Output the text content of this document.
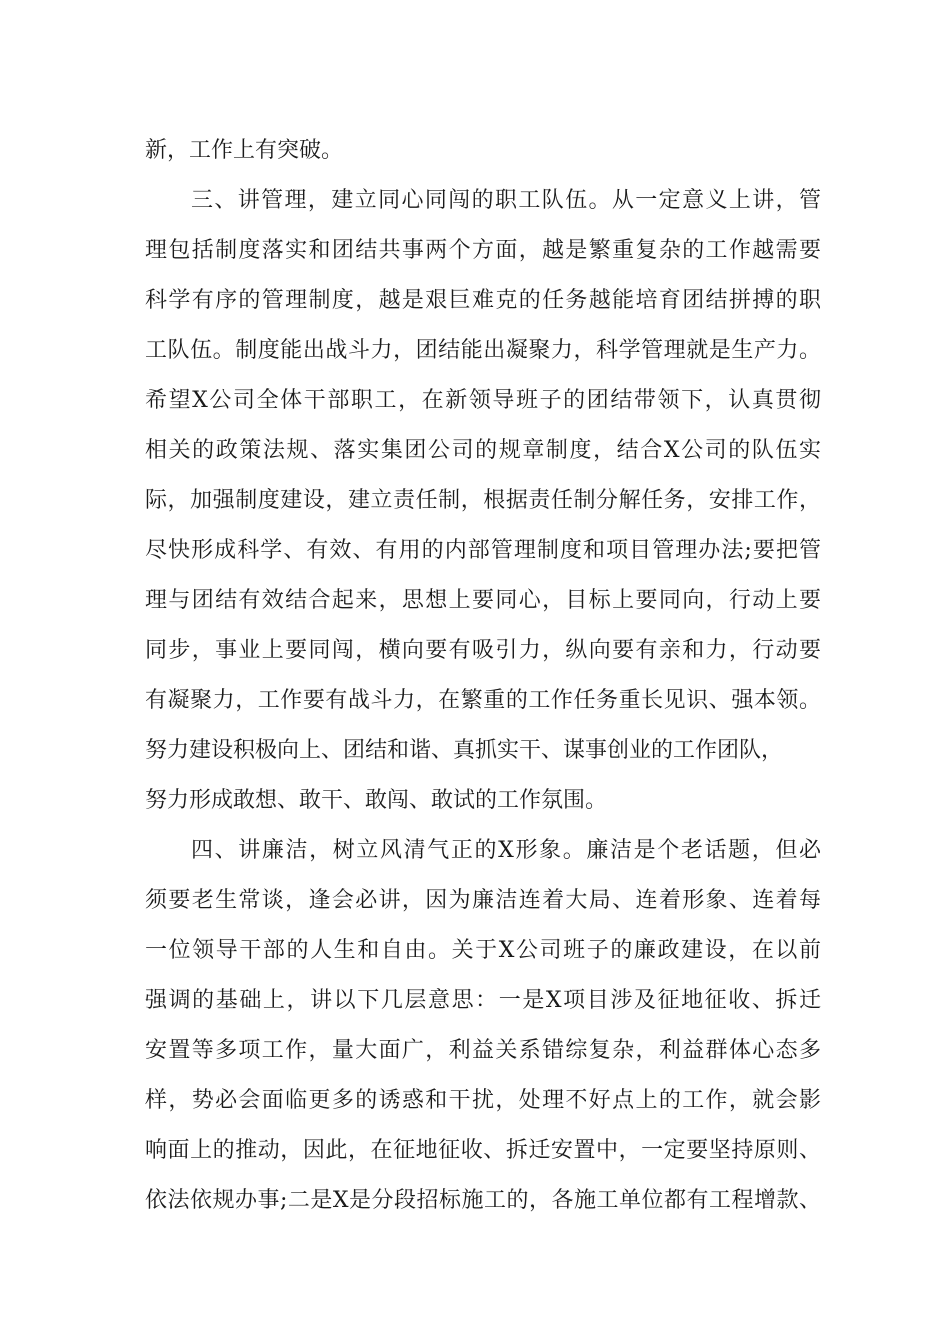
新，工作上有突破。
三、讲管理，建立同心同闯的职工队伍。从一定意义上讲，管
理包括制度落实和团结共事两个方面，越是繁重复杂的工作越需要
科学有序的管理制度，越是艰巨难克的任务越能培育团结拼搏的职
工队伍。制度能出战斗力，团结能出凝聚力，科学管理就是生产力。
希望X公司全体干部职工，在新领导班子的团结带领下，认真贯彻
相关的政策法规、落实集团公司的规章制度，结合X公司的队伍实
际，加强制度建设，建立责任制，根据责任制分解任务，安排工作，
尽快形成科学、有效、有用的内部管理制度和项目管理办法;要把管
理与团结有效结合起来，思想上要同心，目标上要同向，行动上要
同步，事业上要同闯，横向要有吸引力，纵向要有亲和力，行动要
有凝聚力，工作要有战斗力，在繁重的工作任务重长见识、强本领。
努力建设积极向上、团结和谐、真抓实干、谋事创业的工作团队，
努力形成敢想、敢干、敢闯、敢试的工作氛围。
四、讲廉洁，树立风清气正的X形象。廉洁是个老话题，但必
须要老生常谈，逢会必讲，因为廉洁连着大局、连着形象、连着每
一位领导干部的人生和自由。关于X公司班子的廉政建设，在以前
强调的基础上，讲以下几层意思：一是X项目涉及征地征收、拆迁
安置等多项工作，量大面广，利益关系错综复杂，利益群体心态多
样，势必会面临更多的诱惑和干扰，处理不好点上的工作，就会影
响面上的推动，因此，在征地征收、拆迁安置中，一定要坚持原则、
依法依规办事;二是X是分段招标施工的，各施工单位都有工程增款、
